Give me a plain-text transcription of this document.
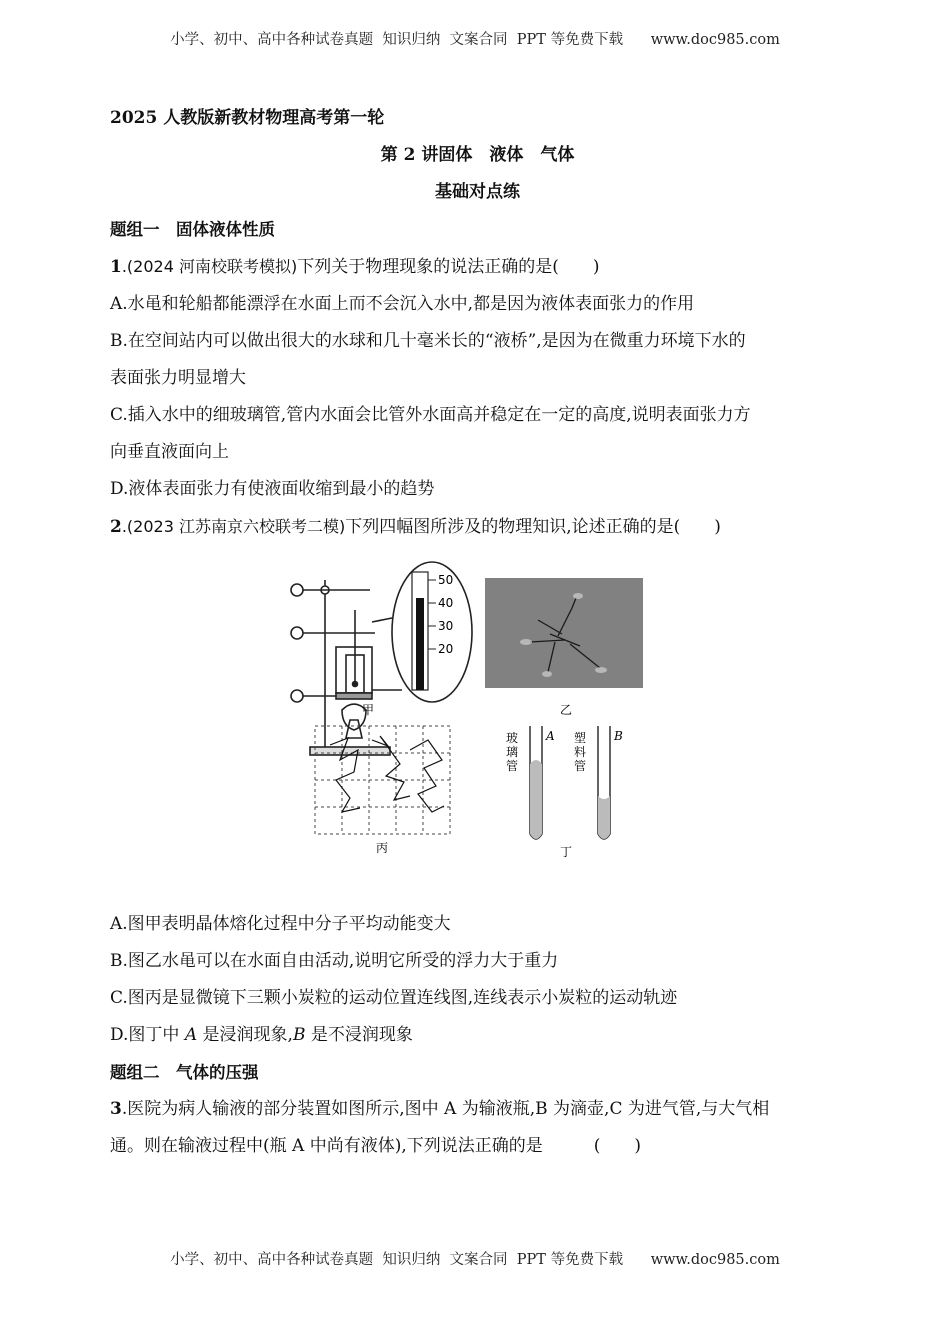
小学、初中、高中各种试卷真题  知识归纳  文案合同  PPT 等免费下载      www.doc985.com
2025 人教版新教材物理高考第一轮
第 2 讲固体　液体　气体
基础对点练
题组一　固体液体性质
1.(2024 河南校联考模拟)下列关于物理现象的说法正确的是(　　)
A.水黾和轮船都能漂浮在水面上而不会沉入水中,都是因为液体表面张力的作用
B.在空间站内可以做出很大的水球和几十毫米长的“液桥”,是因为在微重力环境下水的
表面张力明显增大
C.插入水中的细玻璃管,管内水面会比管外水面高并稳定在一定的高度,说明表面张力方
向垂直液面向上
D.液体表面张力有使液面收缩到最小的趋势
2.(2023 江苏南京六校联考二模)下列四幅图所涉及的物理知识,论述正确的是(　　)
50
40
30
20
甲	乙
丙
玻
璃
管
塑
料
管
A	B
丁
A.图甲表明晶体熔化过程中分子平均动能变大
B.图乙水黾可以在水面自由活动,说明它所受的浮力大于重力
C.图丙是显微镜下三颗小炭粒的运动位置连线图,连线表示小炭粒的运动轨迹
D.图丁中 A 是浸润现象,B 是不浸润现象
题组二　气体的压强
3.医院为病人输液的部分装置如图所示,图中 A 为输液瓶,B 为滴壶,C 为进气管,与大气相
通。则在输液过程中(瓶 A 中尚有液体),下列说法正确的是　　　(　　)
小学、初中、高中各种试卷真题  知识归纳  文案合同  PPT 等免费下载      www.doc985.com
